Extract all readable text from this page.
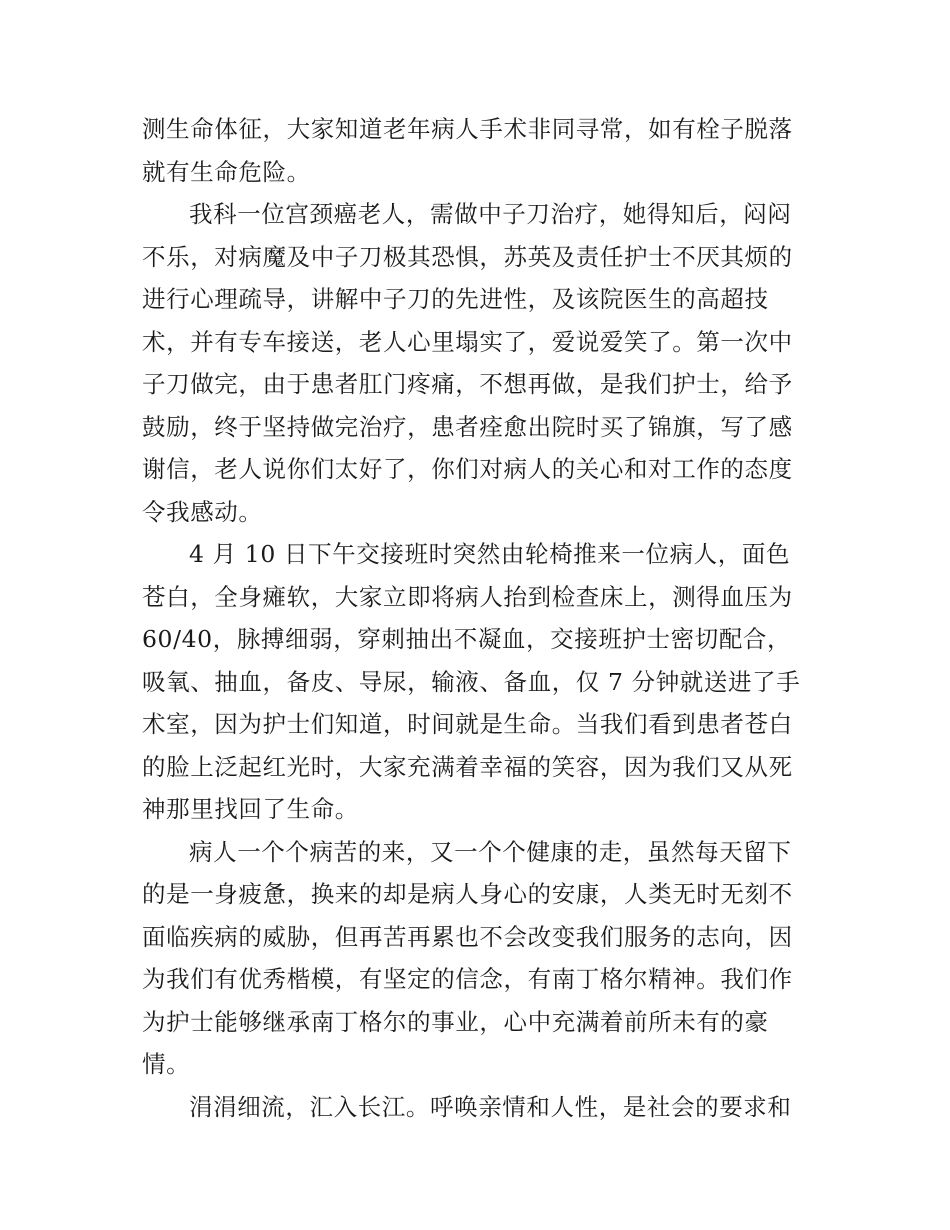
测生命体征，大家知道老年病人手术非同寻常，如有栓子脱落
就有生命危险。
我科一位宫颈癌老人，需做中子刀治疗，她得知后，闷闷
不乐，对病魔及中子刀极其恐惧，苏英及责任护士不厌其烦的
进行心理疏导，讲解中子刀的先进性，及该院医生的高超技
术，并有专车接送，老人心里塌实了，爱说爱笑了。第一次中
子刀做完，由于患者肛门疼痛，不想再做，是我们护士，给予
鼓励，终于坚持做完治疗，患者痊愈出院时买了锦旗，写了感
谢信，老人说你们太好了，你们对病人的关心和对工作的态度
令我感动。
4 月 10 日下午交接班时突然由轮椅推来一位病人，面色
苍白，全身瘫软，大家立即将病人抬到检查床上，测得血压为
60/40，脉搏细弱，穿刺抽出不凝血，交接班护士密切配合，
吸氧、抽血，备皮、导尿，输液、备血，仅 7 分钟就送进了手
术室，因为护士们知道，时间就是生命。当我们看到患者苍白
的脸上泛起红光时，大家充满着幸福的笑容，因为我们又从死
神那里找回了生命。
病人一个个病苦的来，又一个个健康的走，虽然每天留下
的是一身疲惫，换来的却是病人身心的安康，人类无时无刻不
面临疾病的威胁，但再苦再累也不会改变我们服务的志向，因
为我们有优秀楷模，有坚定的信念，有南丁格尔精神。我们作
为护士能够继承南丁格尔的事业，心中充满着前所未有的豪
情。
涓涓细流，汇入长江。呼唤亲情和人性，是社会的要求和
